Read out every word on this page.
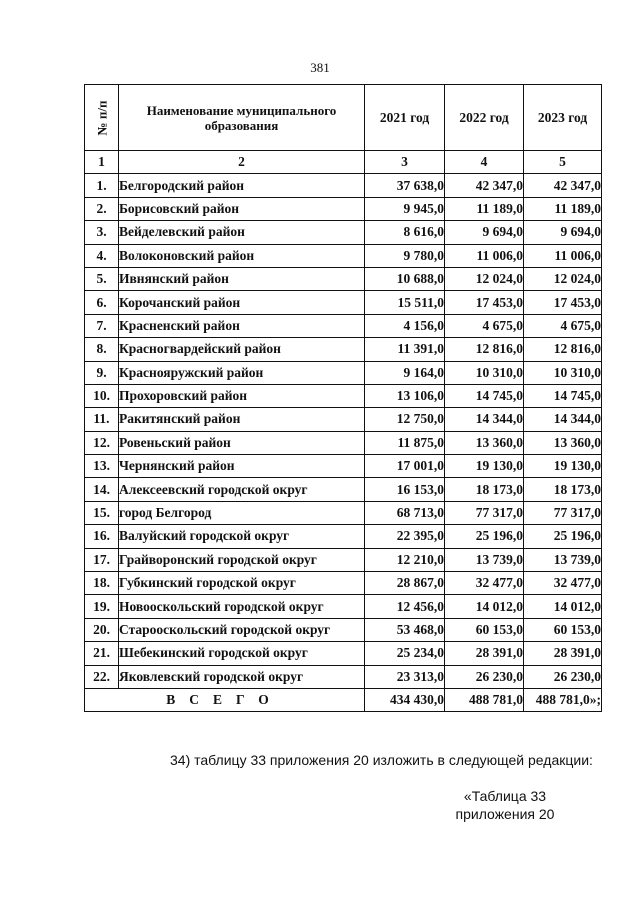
381
№ п/п	Наименование муниципального образования	2021 год	2022 год	2023 год
1	2	3	4	5
1.	Белгородский район	37 638,0	42 347,0	42 347,0
2.	Борисовский район	9 945,0	11 189,0	11 189,0
3.	Вейделевский район	8 616,0	9 694,0	9 694,0
4.	Волоконовский район	9 780,0	11 006,0	11 006,0
5.	Ивнянский район	10 688,0	12 024,0	12 024,0
6.	Корочанский район	15 511,0	17 453,0	17 453,0
7.	Красненский район	4 156,0	4 675,0	4 675,0
8.	Красногвардейский район	11 391,0	12 816,0	12 816,0
9.	Краснояружский район	9 164,0	10 310,0	10 310,0
10.	Прохоровский район	13 106,0	14 745,0	14 745,0
11.	Ракитянский район	12 750,0	14 344,0	14 344,0
12.	Ровеньский район	11 875,0	13 360,0	13 360,0
13.	Чернянский район	17 001,0	19 130,0	19 130,0
14.	Алексеевский городской округ	16 153,0	18 173,0	18 173,0
15.	город Белгород	68 713,0	77 317,0	77 317,0
16.	Валуйский городской округ	22 395,0	25 196,0	25 196,0
17.	Грайворонский городской округ	12 210,0	13 739,0	13 739,0
18.	Губкинский городской округ	28 867,0	32 477,0	32 477,0
19.	Новооскольский городской округ	12 456,0	14 012,0	14 012,0
20.	Старооскольский городской округ	53 468,0	60 153,0	60 153,0
21.	Шебекинский городской округ	25 234,0	28 391,0	28 391,0
22.	Яковлевский городской округ	23 313,0	26 230,0	26 230,0
ВСЕГО		434 430,0	488 781,0	488 781,0»;
34) таблицу 33 приложения 20 изложить в следующей редакции:
«Таблица 33
приложения 20
